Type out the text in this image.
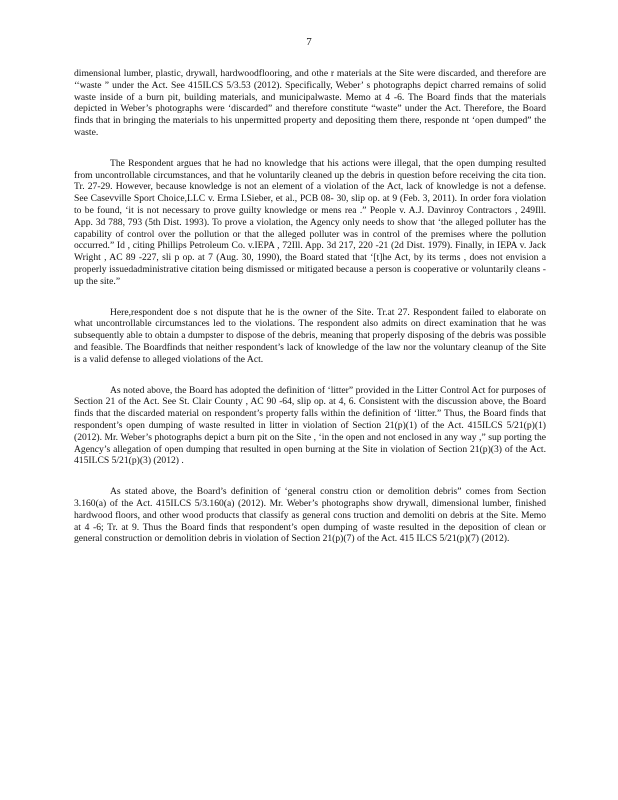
7

dimensional lumber, plastic, drywall, hardwoodflooring, and othe r materials at the Site were discarded, and therefore are ‘‘waste ” under the Act. See 415ILCS 5/3.53 (2012). Specifically, Weber’ s photographs depict charred remains of solid waste inside of a burn pit, building materials, and municipalwaste. Memo at 4 -6. The Board finds that the materials depicted in Weber’s photographs were ‘discarded” and therefore constitute “waste” under the Act. Therefore, the Board finds that in bringing the materials to his unpermitted property and depositing them there, responde nt ‘open dumped” the waste.

The Respondent argues that he had no knowledge that his actions were illegal, that the open dumping resulted from uncontrollable circumstances, and that he voluntarily cleaned up the debris in question before receiving the cita tion. Tr. 27-29. However, because knowledge is not an element of a violation of the Act, lack of knowledge is not a defense. See Casevville Sport Choice,LLC v. Erma I.Sieber, et al., PCB 08- 30, slip op. at 9 (Feb. 3, 2011). In order fora violation to be found, ‘it is not necessary to prove guilty knowledge or mens rea .” People v. A.J. Davinroy Contractors , 249Ill. App. 3d 788, 793 (5th Dist. 1993). To prove a violation, the Agency only needs to show that ‘the alleged polluter has the capability of control over the pollution or that the alleged polluter was in control of the premises where the pollution occurred.” Id , citing Phillips Petroleum Co. v.IEPA , 72Ill. App. 3d 217, 220 -21 (2d Dist. 1979). Finally, in IEPA v. Jack Wright , AC 89 -227, sli p op. at 7 (Aug. 30, 1990), the Board stated that ‘[t]he Act, by its terms , does not envision a properly issuedadministrative citation being dismissed or mitigated because a person is cooperative or voluntarily cleans -up the site.”

Here,respondent doe s not dispute that he is the owner of the Site. Tr.at 27. Respondent failed to elaborate on what uncontrollable circumstances led to the violations. The respondent also admits on direct examination that he was subsequently able to obtain a dumpster to dispose of the debris, meaning that properly disposing of the debris was possible and feasible. The Boardfinds that neither respondent’s lack of knowledge of the law nor the voluntary cleanup of the Site is a valid defense to alleged violations of the Act.

As noted above, the Board has adopted the definition of ‘litter” provided in the Litter Control Act for purposes of Section 21 of the Act. See St. Clair County , AC 90 -64, slip op. at 4, 6. Consistent with the discussion above, the Board finds that the discarded material on respondent’s property falls within the definition of ‘litter.” Thus, the Board finds that respondent’s open dumping of waste resulted in litter in violation of Section 21(p)(1) of the Act. 415ILCS 5/21(p)(1) (2012). Mr. Weber’s photographs depict a burn pit on the Site , ‘in the open and not enclosed in any way ,” sup porting the Agency’s allegation of open dumping that resulted in open burning at the Site in violation of Section 21(p)(3) of the Act. 415ILCS 5/21(p)(3) (2012) .

As stated above, the Board’s definition of ‘general constru ction or demolition debris” comes from Section 3.160(a) of the Act. 415ILCS 5/3.160(a) (2012). Mr. Weber’s photographs show drywall, dimensional lumber, finished hardwood floors, and other wood products that classify as general cons truction and demoliti on debris at the Site. Memo at 4 -6; Tr. at 9. Thus the Board finds that respondent’s open dumping of waste resulted in the deposition of clean or general construction or demolition debris in violation of Section 21(p)(7) of the Act. 415 ILCS 5/21(p)(7) (2012).
